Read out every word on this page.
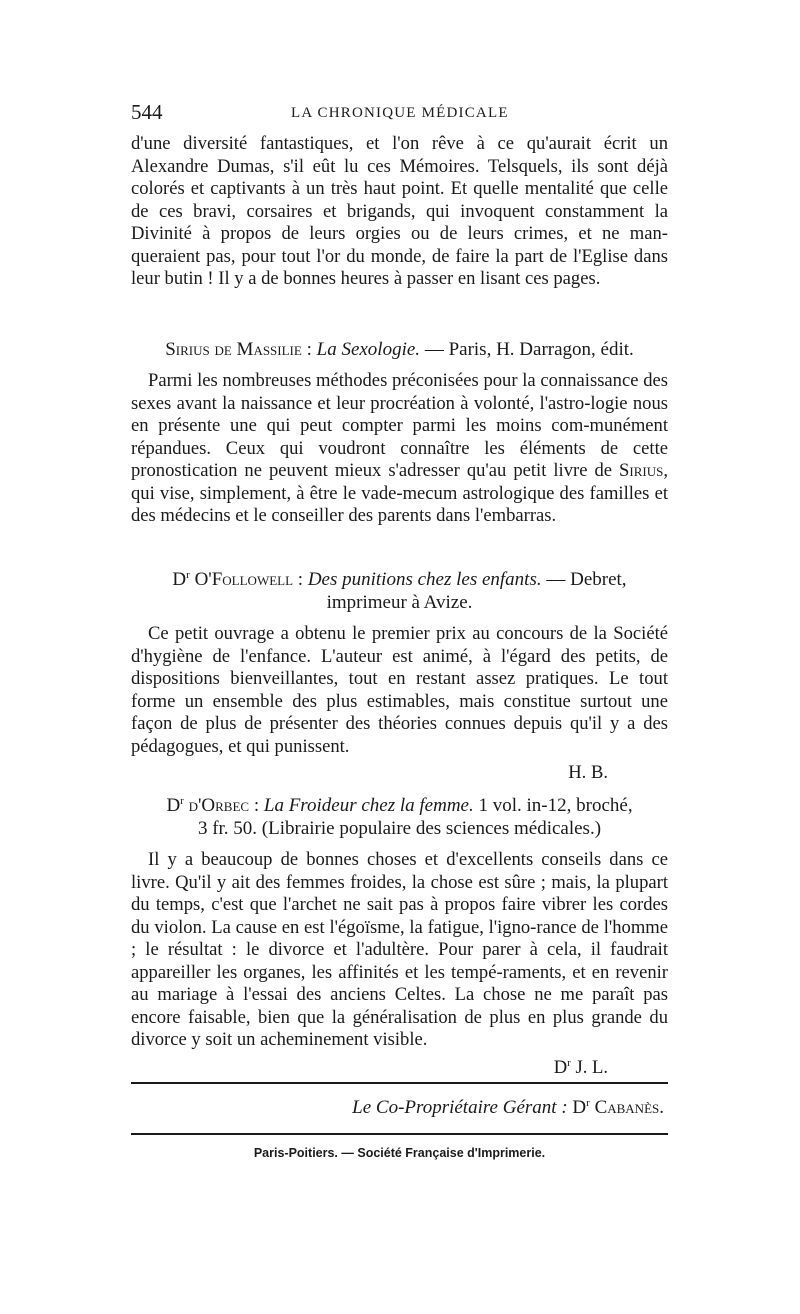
544	LA CHRONIQUE MÉDICALE

d'une diversité fantastiques, et l'on rêve à ce qu'aurait écrit un Alexandre Dumas, s'il eût lu ces Mémoires. Telsquels, ils sont déjà colorés et captivants à un très haut point. Et quelle mentalité que celle de ces bravi, corsaires et brigands, qui invoquent constamment la Divinité à propos de leurs orgies ou de leurs crimes, et ne man-queraient pas, pour tout l'or du monde, de faire la part de l'Eglise dans leur butin ! Il y a de bonnes heures à passer en lisant ces pages.

Sirius de Massilie : La Sexologie. — Paris, H. Darragon, édit.

Parmi les nombreuses méthodes préconisées pour la connaissance des sexes avant la naissance et leur procréation à volonté, l'astro-logie nous en présente une qui peut compter parmi les moins com-munément répandues. Ceux qui voudront connaître les éléments de cette pronostication ne peuvent mieux s'adresser qu'au petit livre de Sirius, qui vise, simplement, à être le vade-mecum astrologique des familles et des médecins et le conseiller des parents dans l'embarras.

$D^r$ O'Followell : Des punitions chez les enfants. — Debret,
imprimeur à Avize.

Ce petit ouvrage a obtenu le premier prix au concours de la Société d'hygiène de l'enfance. L'auteur est animé, à l'égard des petits, de dispositions bienveillantes, tout en restant assez pratiques. Le tout forme un ensemble des plus estimables, mais constitue surtout une façon de plus de présenter des théories connues depuis qu'il y a des pédagogues, et qui punissent.

H. B.

$D^r$ d'Orbec : La Froideur chez la femme. 1 vol. in-12, broché,
3 fr. 50. (Librairie populaire des sciences médicales.)

Il y a beaucoup de bonnes choses et d'excellents conseils dans ce livre. Qu'il y ait des femmes froides, la chose est sûre ; mais, la plupart du temps, c'est que l'archet ne sait pas à propos faire vibrer les cordes du violon. La cause en est l'égoïsme, la fatigue, l'igno-rance de l'homme ; le résultat : le divorce et l'adultère. Pour parer à cela, il faudrait appareiller les organes, les affinités et les tempé-raments, et en revenir au mariage à l'essai des anciens Celtes. La chose ne me paraît pas encore faisable, bien que la généralisation de plus en plus grande du divorce y soit un acheminement visible.

$D^r$ J. L.

Le Co-Propriétaire Gérant : $D^r$ Cabanès.
Paris-Poitiers. — Société Française d'Imprimerie.
